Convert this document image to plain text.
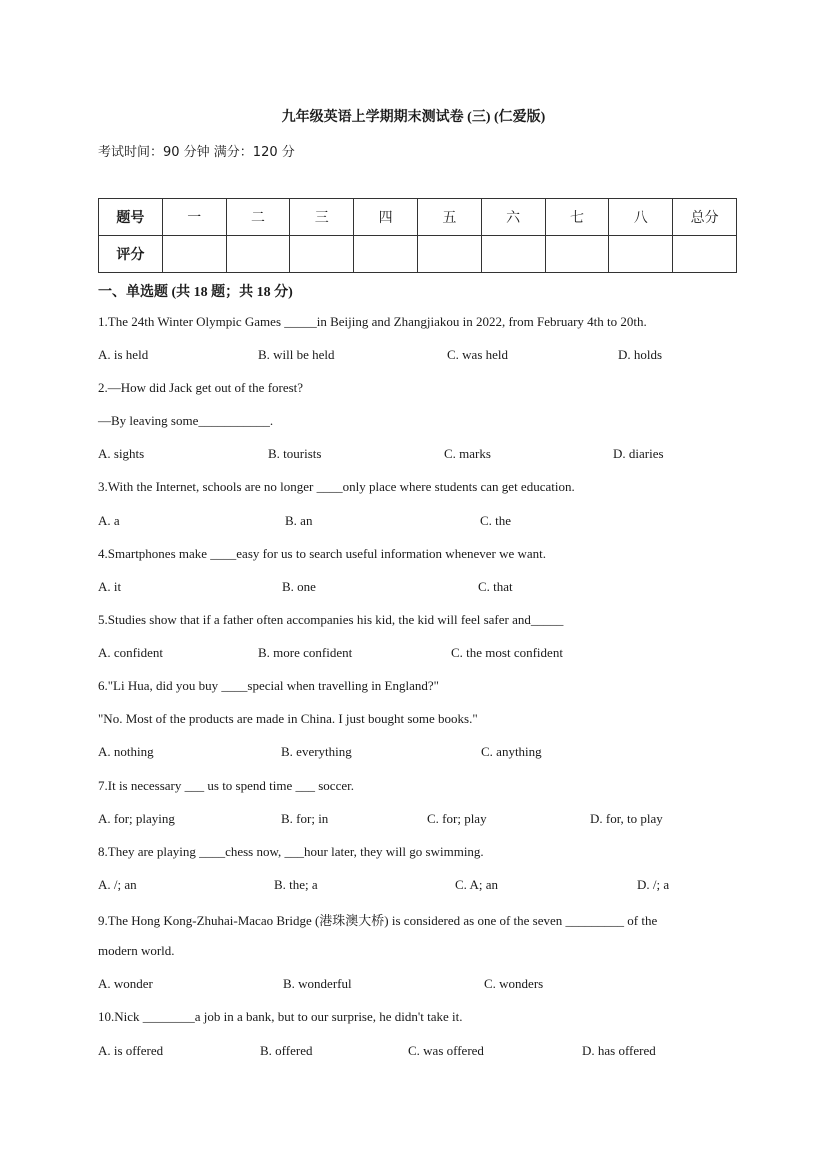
九年级英语上学期期末测试卷 (三) (仁爱版)
考试时间：90 分钟 满分：120 分
题号	一	二	三	四	五	六	七	八	总分
评分									
一、单选题 (共 18 题；共 18 分)
1.The 24th Winter Olympic Games _____in Beijing and Zhangjiakou in 2022, from February 4th to 20th.
A. is held	B. will be held	C. was held	D. holds
2.—How did Jack get out of the forest?
—By leaving some___________.
A. sights	B. tourists	C. marks	D. diaries
3.With the Internet, schools are no longer ____only place where students can get education.
A. a	B. an	C. the
4.Smartphones make ____easy for us to search useful information whenever we want.
A. it	B. one	C. that
5.Studies show that if a father often accompanies his kid, the kid will feel safer and_____
A. confident	B. more confident	C. the most confident
6."Li Hua, did you buy ____special when travelling in England?"
"No. Most of the products are made in China. I just bought some books."
A. nothing	B. everything	C. anything
7.It is necessary ___ us to spend time ___ soccer.
A. for; playing	B. for; in	C. for; play	D. for, to play
8.They are playing ____chess now, ___hour later, they will go swimming.
A. /; an	B. the; a	C. A; an	D. /; a
9.The Hong Kong-Zhuhai-Macao Bridge (港珠澳大桥) is considered as one of the seven _________ of the
modern world.
A. wonder	B. wonderful	C. wonders
10.Nick ________a job in a bank, but to our surprise, he didn't take it.
A. is offered	B. offered	C. was offered	D. has offered
